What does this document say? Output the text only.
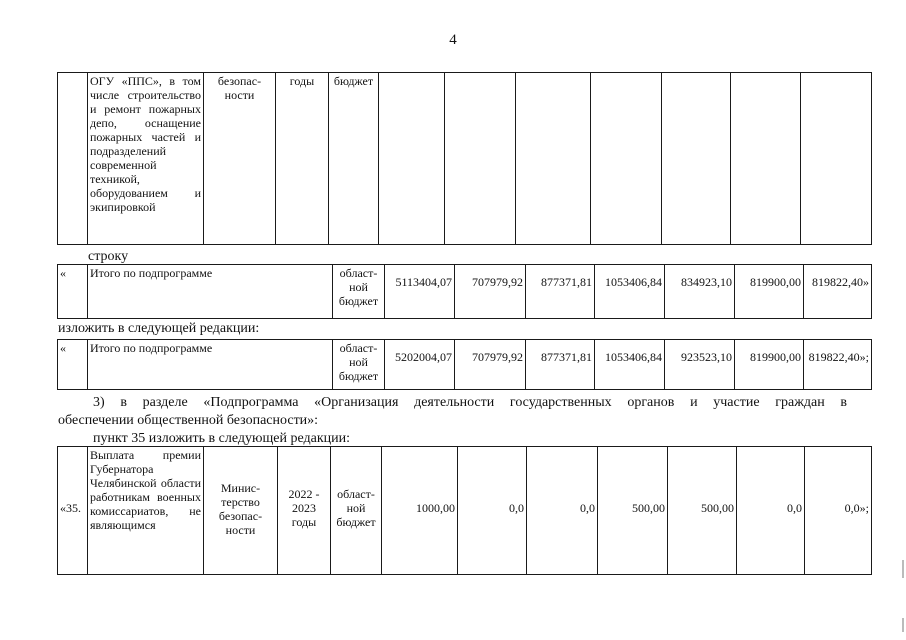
4
	ОГУ «ППС», в том числе строительство и ремонт пожарных депо, оснащение пожарных частей и подразделений современной техникой, оборудованием и экипировкой	безопас- ности	годы	бюджет							
строку
«	Итого по подпрограмме	област- ной бюджет	5113404,07	707979,92	877371,81	1053406,84	834923,10	819900,00	819822,40»
изложить в следующей редакции:
«	Итого по подпрограмме	област- ной бюджет	5202004,07	707979,92	877371,81	1053406,84	923523,10	819900,00	819822,40»;
3) в разделе «Подпрограмма «Организация деятельности государственных органов и участие граждан в
обеспечении общественной безопасности»:
пункт 35 изложить в следующей редакции:
«35.	Выплата премии Губернатора Челябинской области работникам военных комиссариатов, не являющимся	Минис- терство безопас- ности	2022 - 2023 годы	област- ной бюджет	1000,00	0,0	0,0	500,00	500,00	0,0	0,0»;
